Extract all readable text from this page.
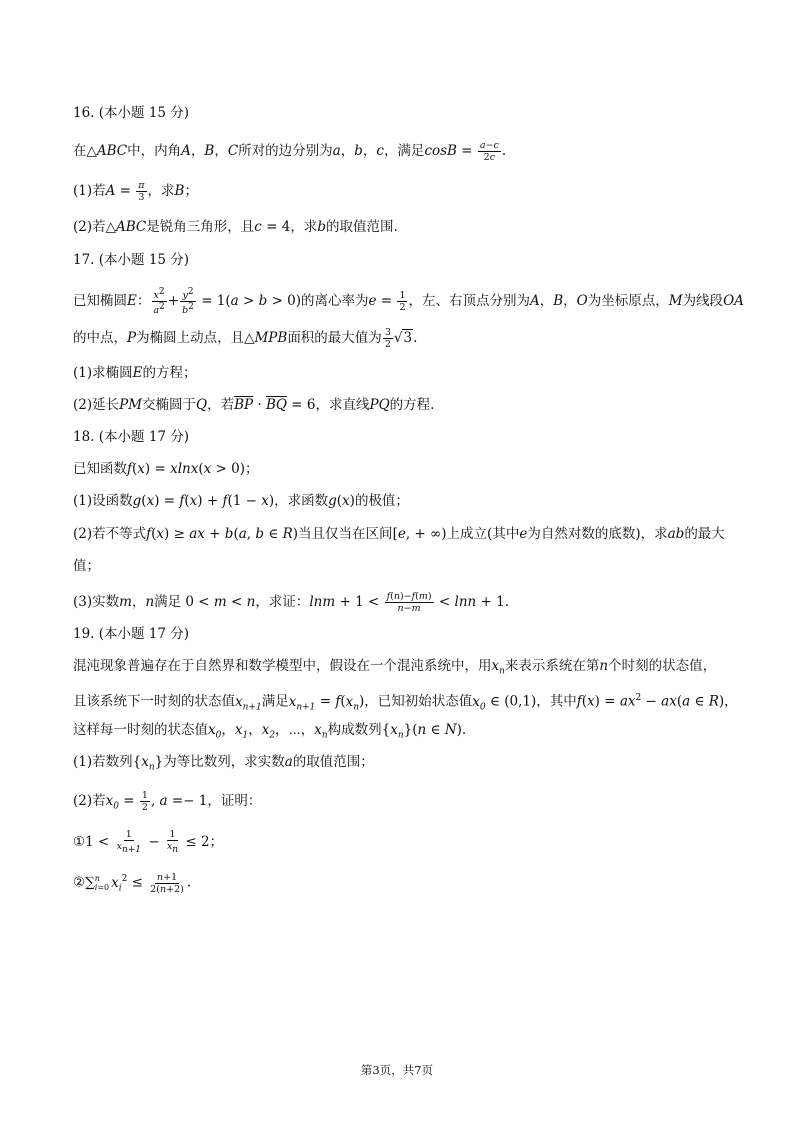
16. (本小题 15 分)
在△ABC中，内角A，B，C所对的边分别为a，b，c，满足$\cos B = \frac{a-c}{2c}$ .
(1)若$A = \frac{\pi}{3}$ ，求B；
(2)若△ABC是锐角三角形，且c = 4，求b的取值范围.
17. (本小题 15 分)
已知椭圆E： $\frac{x^2}{a^2} + \frac{y^2}{b^2} = 1(a > b > 0)$的离心率为$e = \frac{1}{2}$ ，左、右顶点分别为A，B，O为坐标原点，M为线段OA
的中点，P为椭圆上动点，且△MPB面积的最大值为 $\frac{3}{2} √3$.
(1)求椭圆E的方程；
(2)延长PM交椭圆于Q，若$\overline{BP} \cdot \overline{BQ} = 6$，求直线PQ的方程.
18. (本小题 17 分)
已知函数f(x) = xlnx(x > 0)；
(1)设函数g(x) = f(x) + f(1 − x)，求函数g(x)的极值；
(2)若不等式f(x) ≥ ax + b(a, b ∈ R)当且仅当在区间[e, + ∞)上成立(其中e为自然对数的底数)，求ab的最大
值；
(3)实数m，n满足 0 < m < n，求证：$\ln m + 1 < \frac{f(n)-f(m)}{n-m} < \ln n + 1$.
19. (本小题 17 分)
混沌现象普遍存在于自然界和数学模型中，假设在一个混沌系统中，用$x_n$来表示系统在第n个时刻的状态值，
且该系统下一时刻的状态值$x_{n+1}$满足$x_{n+1} = f(x_n)$，已知初始状态值$x_0$ ∈ (0,1)，其中$f(x) = ax^2 - ax(a$ ∈ R)，
这样每一时刻的状态值$x_0$，$x_1$，$x_2$，⋯，$x_n$构成数列$\{x_n\}(n$ ∈ N).
(1)若数列$\{x_n\}$为等比数列，求实数a的取值范围；
(2)若$x_0 = \frac{1}{2}$ , a =− 1，证明：
①1 < $\frac{1}{x_{n+1}} - \frac{1}{x_n} \le 2$；
②∑ n
i=0 $x_i^2 \le \frac{n+1}{2(n+2)}$ .
第3页，共7页
